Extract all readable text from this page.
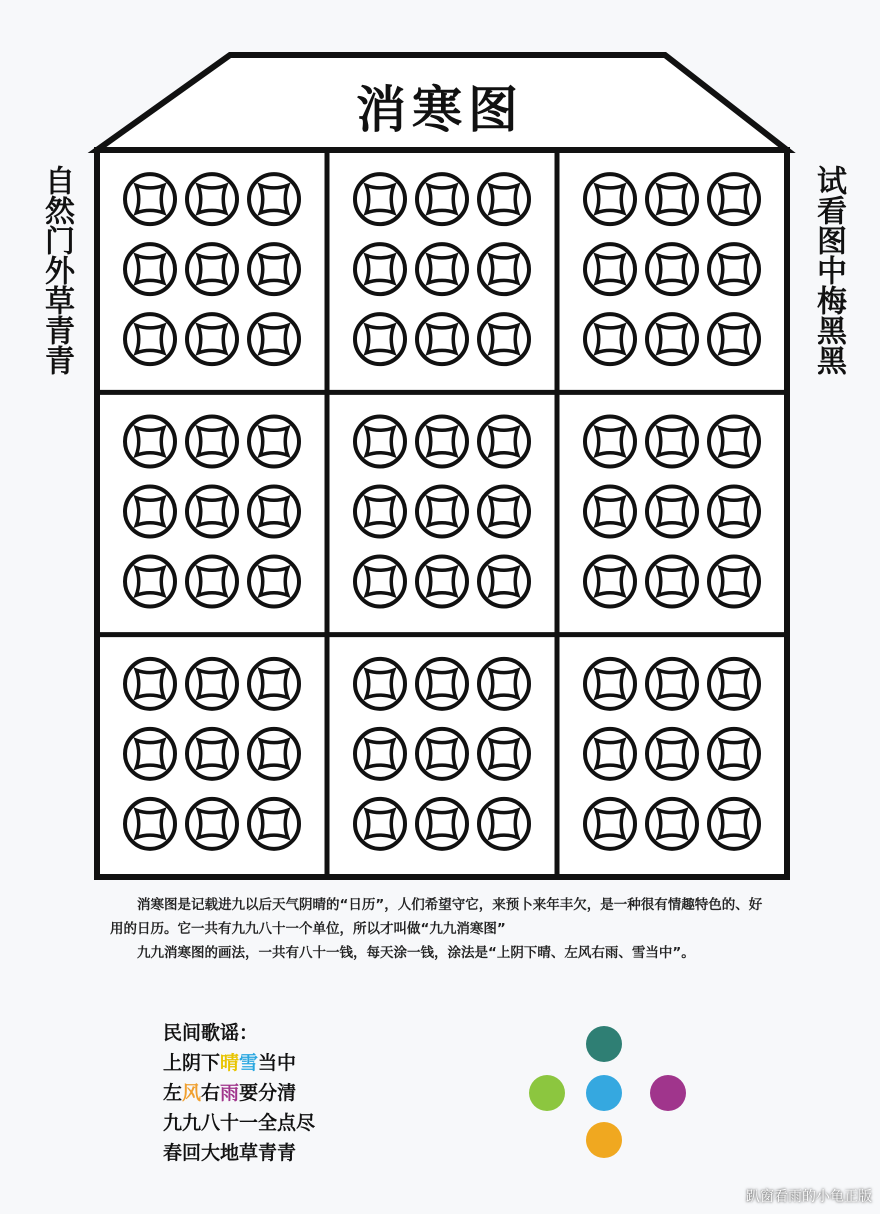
消寒图
自然门外草青青	试看图中梅黑黑

消寒图是记载进九以后天气阴晴的“日历”，人们希望守它，来预卜来年丰欠，是一种很有情趣特色的、好用的日历。它一共有九九八十一个单位，所以才叫做“九九消寒图”

九九消寒图的画法，一共有八十一钱，每天涂一钱，涂法是“上阴下晴、左风右雨、雪当中”。

民间歌谣：
上阴下晴雪当中
左风右雨要分清
九九八十一全点尽
春回大地草青青
趴窗看雨的小龟正版
